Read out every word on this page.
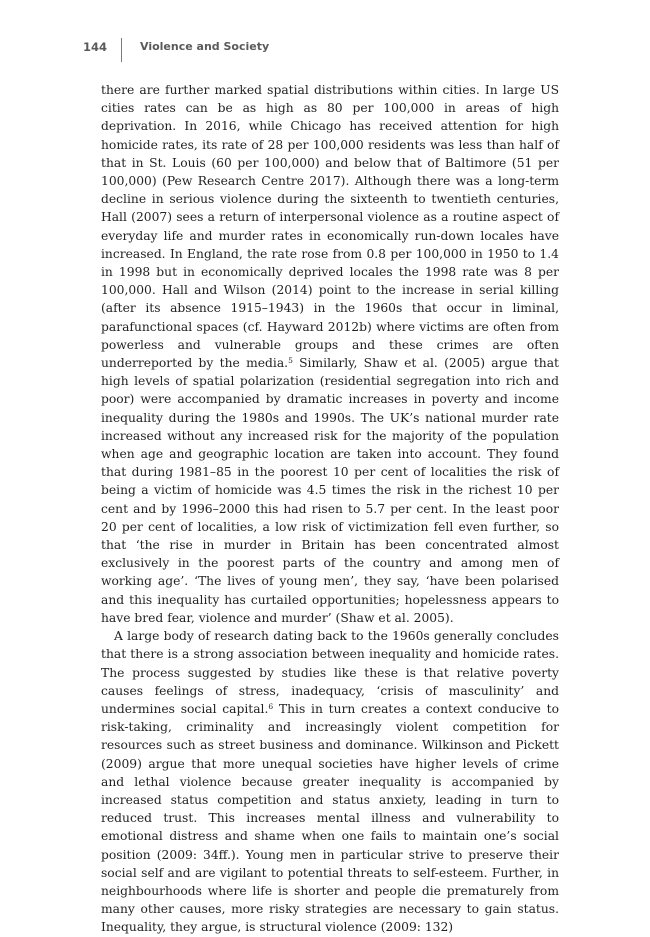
144	Violence and Society

there are further marked spatial distributions within cities. In large US cities rates can be as high as 80 per 100,000 in areas of high deprivation. In 2016, while Chicago has received attention for high homicide rates, its rate of 28 per 100,000 residents was less than half of that in St. Louis (60 per 100,000) and below that of Baltimore (51 per 100,000) (Pew Research Centre 2017). Although there was a long-term decline in serious violence during the sixteenth to twentieth centuries, Hall (2007) sees a return of interpersonal violence as a routine aspect of everyday life and murder rates in economically run-down locales have increased. In England, the rate rose from 0.8 per 100,000 in 1950 to 1.4 in 1998 but in economically deprived locales the 1998 rate was 8 per 100,000. Hall and Wilson (2014) point to the increase in serial killing (after its absence 1915–1943) in the 1960s that occur in liminal, parafunctional spaces (cf. Hayward 2012b) where victims are often from powerless and vulnerable groups and these crimes are often underreported by the media.$^5$ Similarly, Shaw et al. (2005) argue that high levels of spatial polarization (residential segregation into rich and poor) were accompanied by dramatic increases in poverty and income inequality during the 1980s and 1990s. The UK’s national murder rate increased without any increased risk for the majority of the population when age and geographic location are taken into account. They found that during 1981–85 in the poorest 10 per cent of localities the risk of being a victim of homicide was 4.5 times the risk in the richest 10 per cent and by 1996–2000 this had risen to 5.7 per cent. In the least poor 20 per cent of localities, a low risk of victimization fell even further, so that ‘the rise in murder in Britain has been concentrated almost exclusively in the poorest parts of the country and among men of working age’. ‘The lives of young men’, they say, ‘have been polarised and this inequality has curtailed opportunities; hopelessness appears to have bred fear, violence and murder’ (Shaw et al. 2005).

A large body of research dating back to the 1960s generally concludes that there is a strong association between inequality and homicide rates. The process suggested by studies like these is that relative poverty causes feelings of stress, inadequacy, ‘crisis of masculinity’ and undermines social capital.$^6$ This in turn creates a context conducive to risk-taking, criminality and increasingly violent competition for resources such as street business and dominance. Wilkinson and Pickett (2009) argue that more unequal societies have higher levels of crime and lethal violence because greater inequality is accompanied by increased status competition and status anxiety, leading in turn to reduced trust. This increases mental illness and vulnerability to emotional distress and shame when one fails to maintain one’s social position (2009: 34ff.). Young men in particular strive to preserve their social self and are vigilant to potential threats to self-esteem. Further, in neighbourhoods where life is shorter and people die prematurely from many other causes, more risky strategies are necessary to gain status. Inequality, they argue, is structural violence (2009: 132)
